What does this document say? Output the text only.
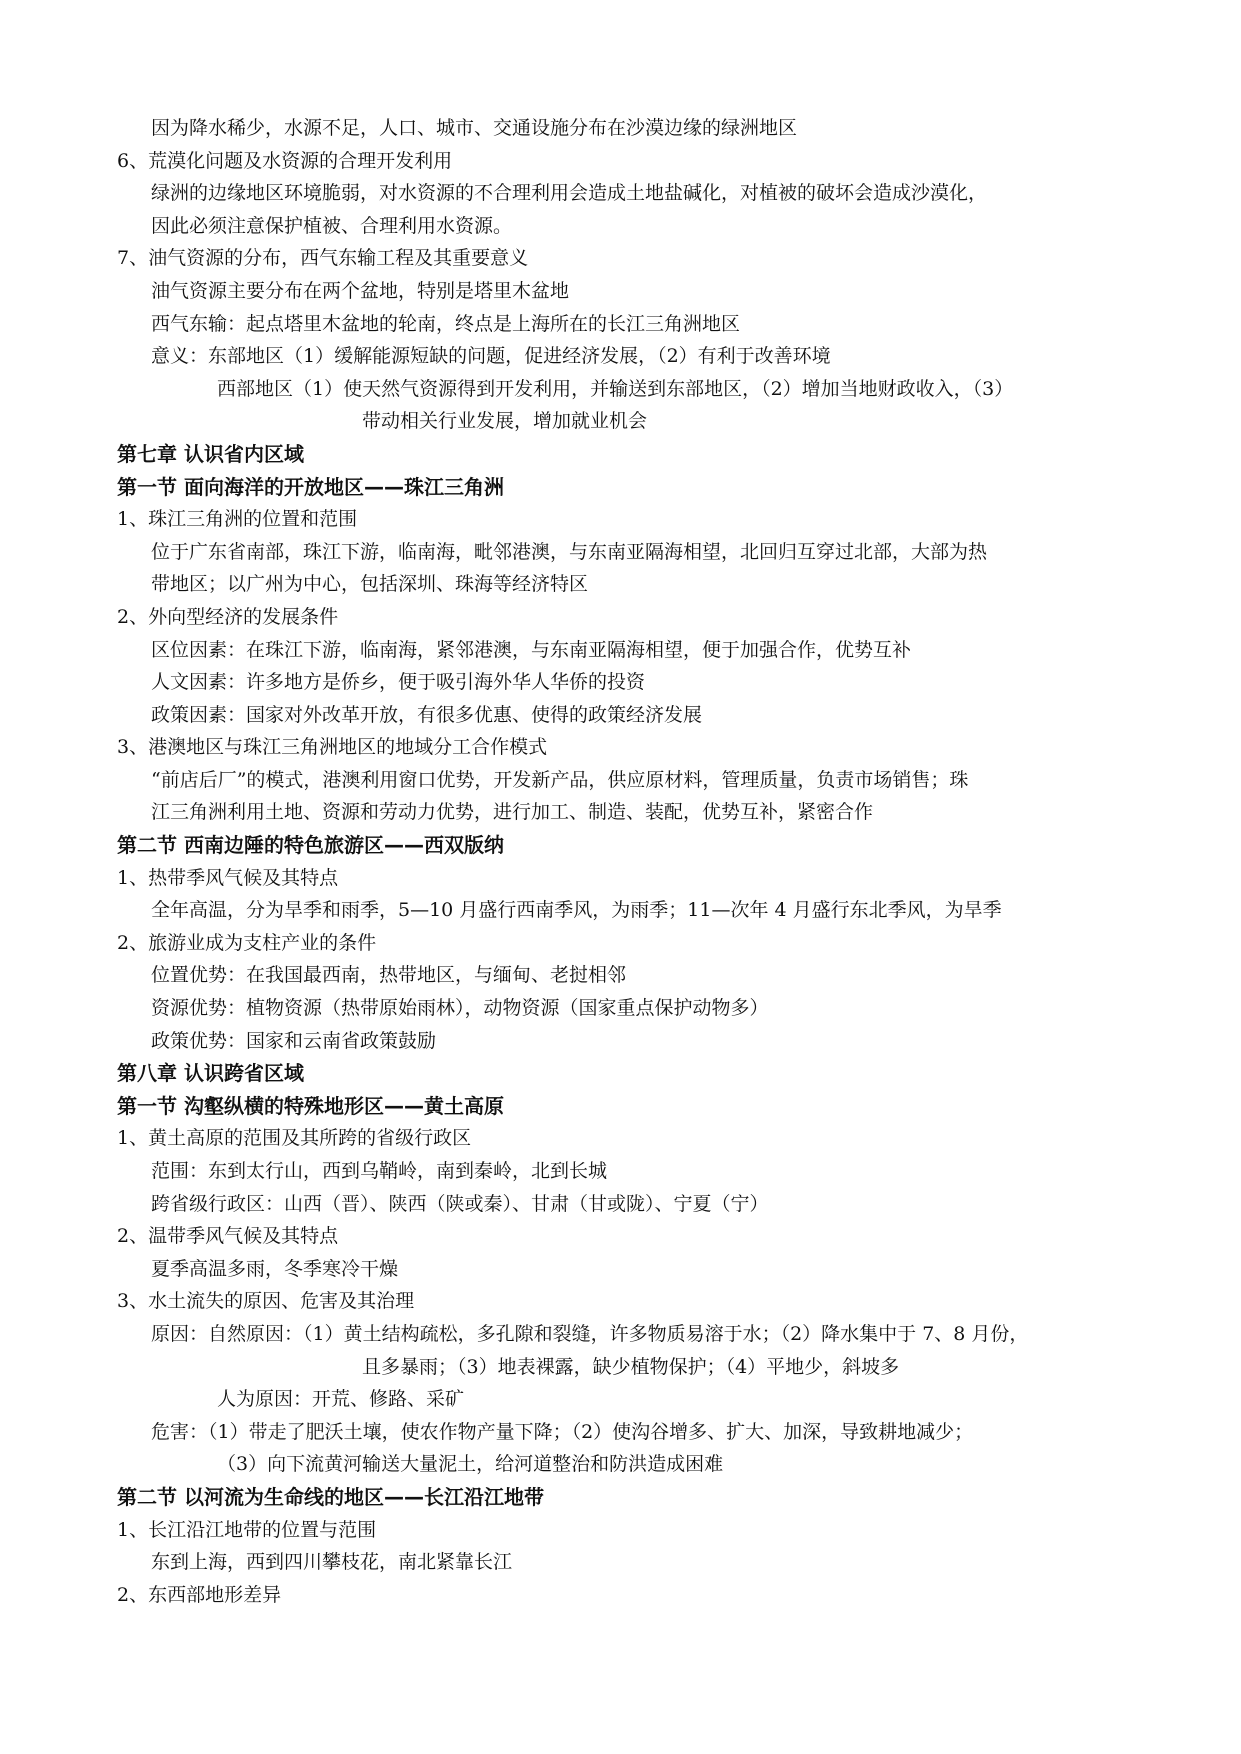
因为降水稀少，水源不足，人口、城市、交通设施分布在沙漠边缘的绿洲地区
6、荒漠化问题及水资源的合理开发利用
绿洲的边缘地区环境脆弱，对水资源的不合理利用会造成土地盐碱化，对植被的破坏会造成沙漠化，
因此必须注意保护植被、合理利用水资源。
7、油气资源的分布，西气东输工程及其重要意义
油气资源主要分布在两个盆地，特别是塔里木盆地
西气东输：起点塔里木盆地的轮南，终点是上海所在的长江三角洲地区
意义：东部地区（1）缓解能源短缺的问题，促进经济发展，（2）有利于改善环境
西部地区（1）使天然气资源得到开发利用，并输送到东部地区，（2）增加当地财政收入，（3）
带动相关行业发展，增加就业机会
第七章 认识省内区域
第一节 面向海洋的开放地区——珠江三角洲
1、珠江三角洲的位置和范围
位于广东省南部，珠江下游，临南海，毗邻港澳，与东南亚隔海相望，北回归互穿过北部，大部为热
带地区；以广州为中心，包括深圳、珠海等经济特区
2、外向型经济的发展条件
区位因素：在珠江下游，临南海，紧邻港澳，与东南亚隔海相望，便于加强合作，优势互补
人文因素：许多地方是侨乡，便于吸引海外华人华侨的投资
政策因素：国家对外改革开放，有很多优惠、使得的政策经济发展
3、港澳地区与珠江三角洲地区的地域分工合作模式
“前店后厂”的模式，港澳利用窗口优势，开发新产品，供应原材料，管理质量，负责市场销售；珠
江三角洲利用土地、资源和劳动力优势，进行加工、制造、装配，优势互补，紧密合作
第二节 西南边陲的特色旅游区——西双版纳
1、热带季风气候及其特点
全年高温，分为旱季和雨季，5—10 月盛行西南季风，为雨季；11—次年 4 月盛行东北季风，为旱季
2、旅游业成为支柱产业的条件
位置优势：在我国最西南，热带地区，与缅甸、老挝相邻
资源优势：植物资源（热带原始雨林），动物资源（国家重点保护动物多）
政策优势：国家和云南省政策鼓励
第八章 认识跨省区域
第一节 沟壑纵横的特殊地形区——黄土高原
1、黄土高原的范围及其所跨的省级行政区
范围：东到太行山，西到乌鞘岭，南到秦岭，北到长城
跨省级行政区：山西（晋）、陕西（陕或秦）、甘肃（甘或陇）、宁夏（宁）
2、温带季风气候及其特点
夏季高温多雨，冬季寒冷干燥
3、水土流失的原因、危害及其治理
原因：自然原因：（1）黄土结构疏松，多孔隙和裂缝，许多物质易溶于水；（2）降水集中于 7、8 月份，
且多暴雨；（3）地表裸露，缺少植物保护；（4）平地少，斜坡多
人为原因：开荒、修路、采矿
危害：（1）带走了肥沃土壤，使农作物产量下降；（2）使沟谷增多、扩大、加深，导致耕地减少；
（3）向下流黄河输送大量泥土，给河道整治和防洪造成困难
第二节 以河流为生命线的地区——长江沿江地带
1、长江沿江地带的位置与范围
东到上海，西到四川攀枝花，南北紧靠长江
2、东西部地形差异
